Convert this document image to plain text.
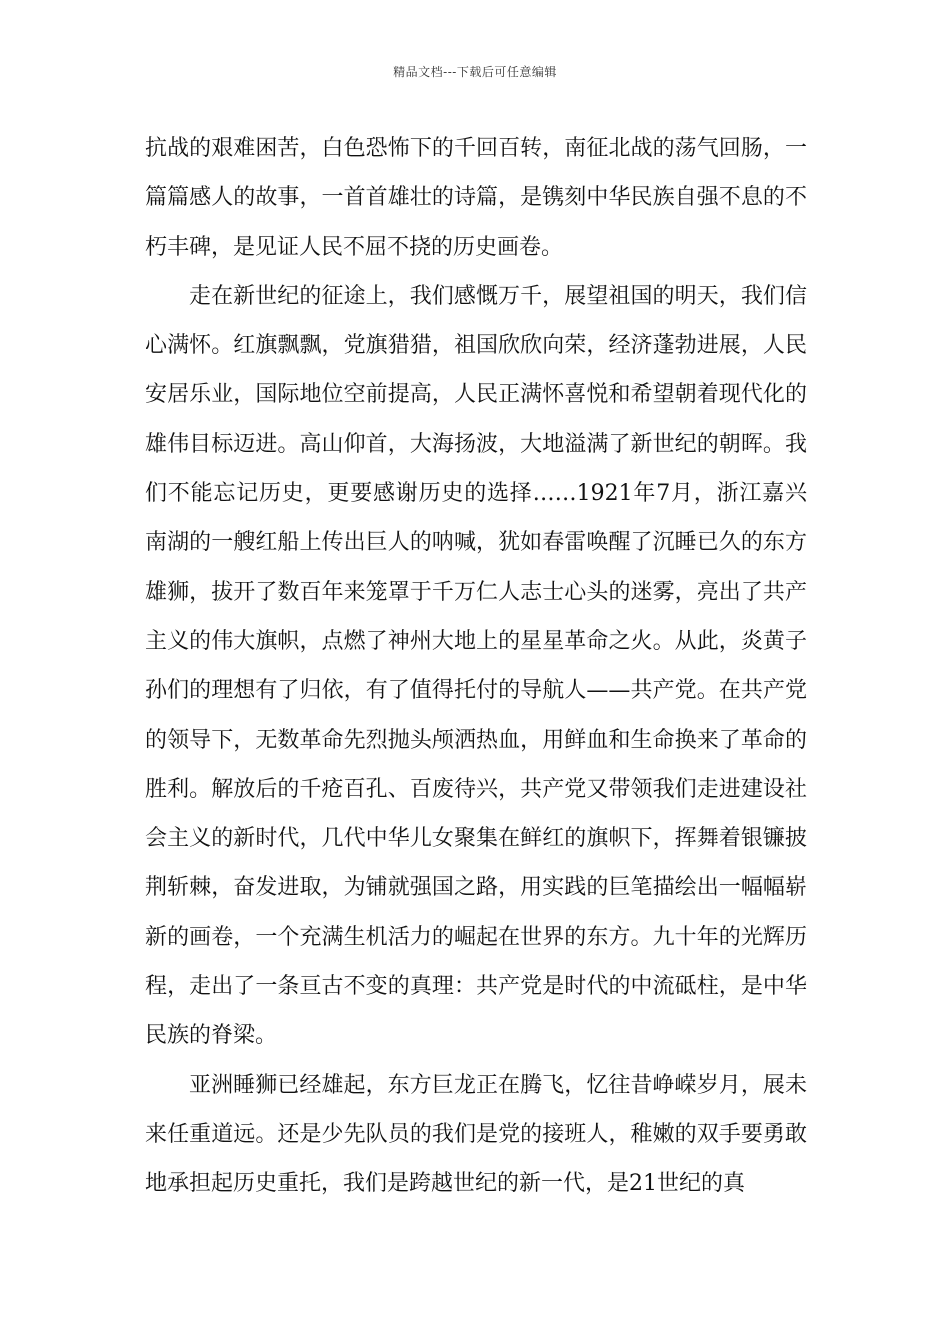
精品文档---下载后可任意编辑

抗战的艰难困苦，白色恐怖下的千回百转，南征北战的荡气回肠，一篇篇感人的故事，一首首雄壮的诗篇，是镌刻中华民族自强不息的不朽丰碑，是见证人民不屈不挠的历史画卷。

走在新世纪的征途上，我们感慨万千，展望祖国的明天，我们信心满怀。红旗飘飘，党旗猎猎，祖国欣欣向荣，经济蓬勃进展，人民安居乐业，国际地位空前提高，人民正满怀喜悦和希望朝着现代化的雄伟目标迈进。高山仰首，大海扬波，大地溢满了新世纪的朝晖。我们不能忘记历史，更要感谢历史的选择……1921年7月，浙江嘉兴南湖的一艘红船上传出巨人的呐喊，犹如春雷唤醒了沉睡已久的东方雄狮，拔开了数百年来笼罩于千万仁人志士心头的迷雾，亮出了共产主义的伟大旗帜，点燃了神州大地上的星星革命之火。从此，炎黄子孙们的理想有了归依，有了值得托付的导航人——共产党。在共产党的领导下，无数革命先烈抛头颅洒热血，用鲜血和生命换来了革命的胜利。解放后的千疮百孔、百废待兴，共产党又带领我们走进建设社会主义的新时代，几代中华儿女聚集在鲜红的旗帜下，挥舞着银镰披荆斩棘，奋发进取，为铺就强国之路，用实践的巨笔描绘出一幅幅崭新的画卷，一个充满生机活力的崛起在世界的东方。九十年的光辉历程，走出了一条亘古不变的真理：共产党是时代的中流砥柱，是中华民族的脊梁。

亚洲睡狮已经雄起，东方巨龙正在腾飞，忆往昔峥嵘岁月，展未来任重道远。还是少先队员的我们是党的接班人，稚嫩的双手要勇敢地承担起历史重托，我们是跨越世纪的新一代，是21世纪的真
